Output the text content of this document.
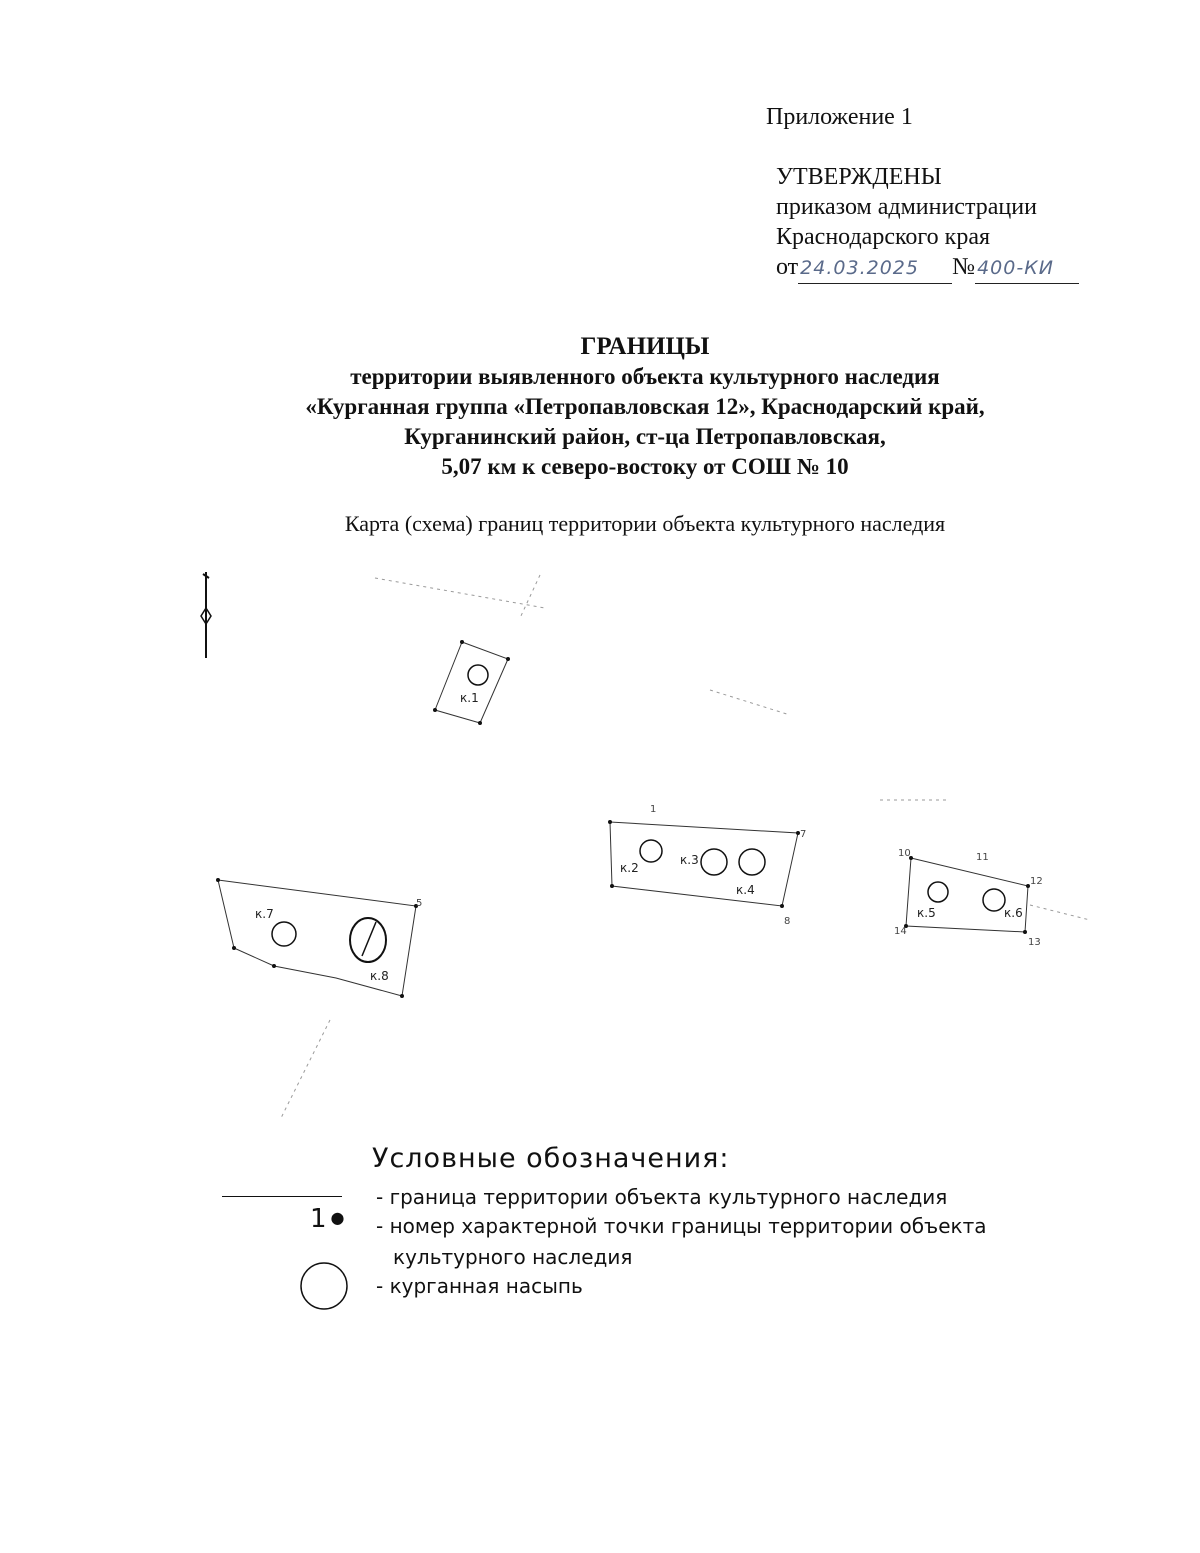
Приложение 1
УТВЕРЖДЕНЫ
приказом администрации
Краснодарского края
от 24.03.2025 № 400-КИ
ГРАНИЦЫ
территории выявленного объекта культурного наследия
«Курганная группа «Петропавловская 12», Краснодарский край,
Курганинский район, ст-ца Петропавловская,
5,07 км к северо-востоку от СОШ № 10
Карта (схема) границ территории объекта культурного наследия
к.1
к.2
к.3
к.4
8
7
1
к.5	к.6
10	11
12
13
14
к.7
к.8
5
Условные обозначения:
- граница территории объекта культурного наследия
1 ● - номер характерной точки границы территории объекта
культурного наследия
- курганная насыпь
